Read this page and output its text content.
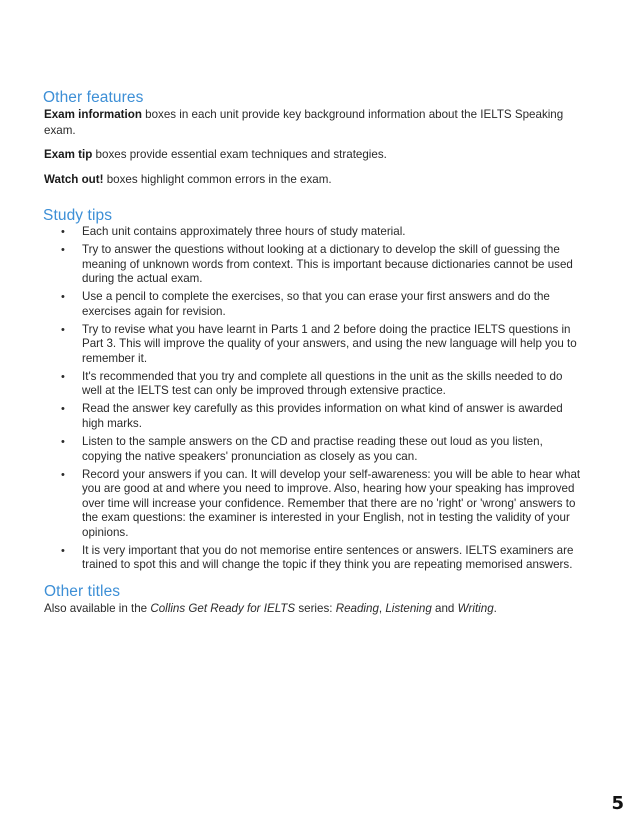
Other features

Exam information boxes in each unit provide key background information about the IELTS Speaking exam.

Exam tip boxes provide essential exam techniques and strategies.

Watch out! boxes highlight common errors in the exam.

Study tips
• Each unit contains approximately three hours of study material.
• Try to answer the questions without looking at a dictionary to develop the skill of guessing the meaning of unknown words from context. This is important because dictionaries cannot be used during the actual exam.
• Use a pencil to complete the exercises, so that you can erase your first answers and do the exercises again for revision.
• Try to revise what you have learnt in Parts 1 and 2 before doing the practice IELTS questions in Part 3. This will improve the quality of your answers, and using the new language will help you to remember it.
• It's recommended that you try and complete all questions in the unit as the skills needed to do well at the IELTS test can only be improved through extensive practice.
• Read the answer key carefully as this provides information on what kind of answer is awarded high marks.
• Listen to the sample answers on the CD and practise reading these out loud as you listen, copying the native speakers' pronunciation as closely as you can.
• Record your answers if you can. It will develop your self-awareness: you will be able to hear what you are good at and where you need to improve. Also, hearing how your speaking has improved over time will increase your confidence. Remember that there are no 'right' or 'wrong' answers to the exam questions: the examiner is interested in your English, not in testing the validity of your opinions.
• It is very important that you do not memorise entire sentences or answers. IELTS examiners are trained to spot this and will change the topic if they think you are repeating memorised answers.
Other titles

Also available in the Collins Get Ready for IELTS series: Reading, Listening and Writing.

5
